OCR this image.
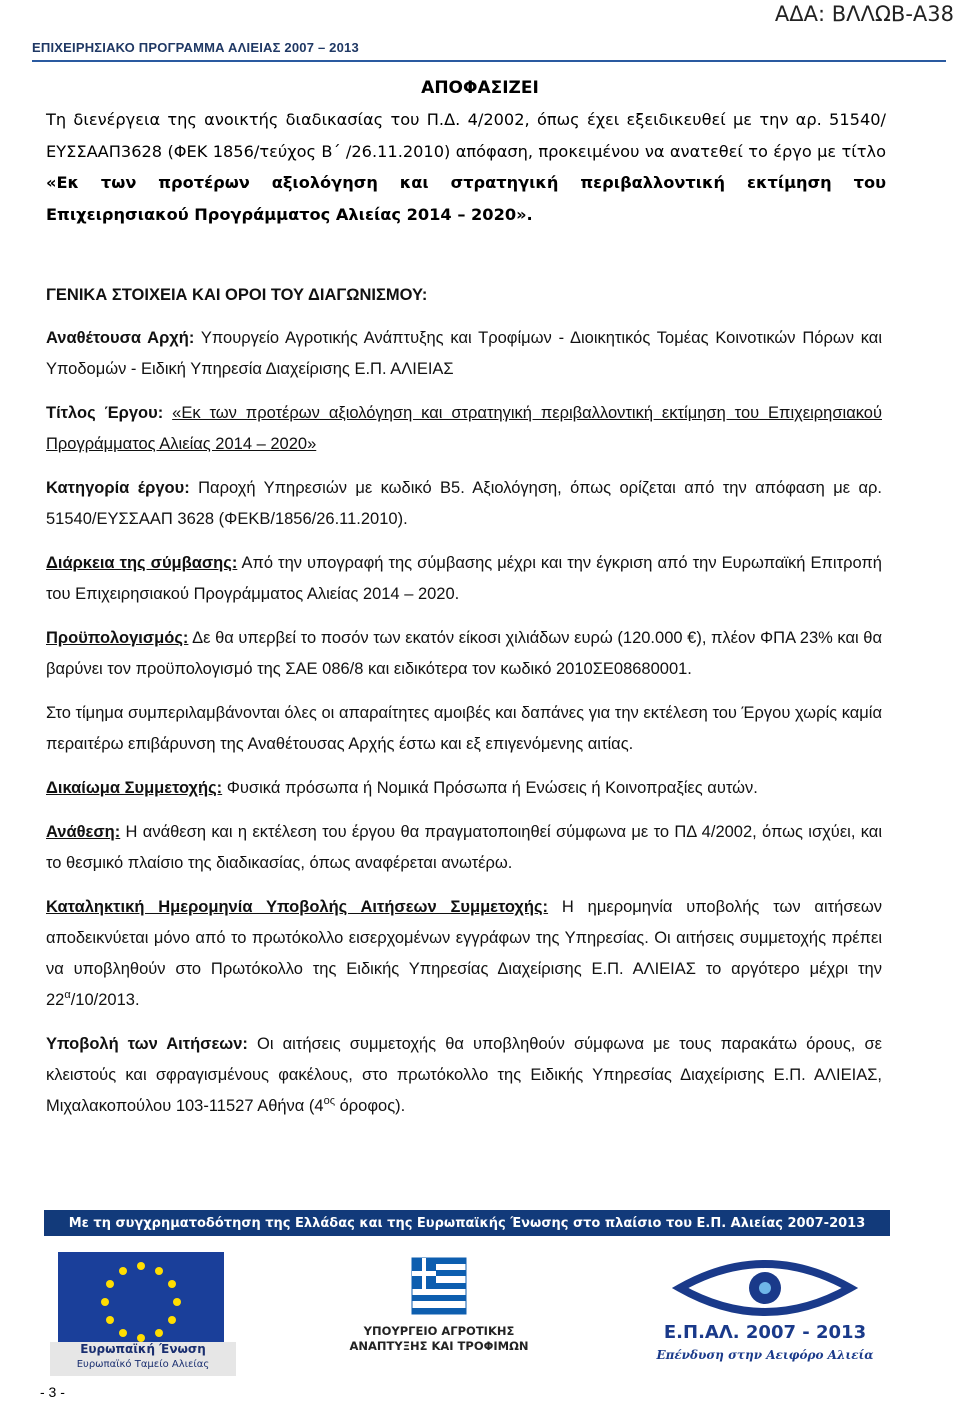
ΑΔΑ: ΒΛΛΩΒ-Α38
ΕΠΙΧΕΙΡΗΣΙΑΚΟ ΠΡΟΓΡΑΜΜΑ ΑΛΙΕΙΑΣ 2007 – 2013
ΑΠΟΦΑΣΙΖΕΙ
Τη διενέργεια της ανοικτής διαδικασίας του Π.Δ. 4/2002, όπως έχει εξειδικευθεί με την αρ. 51540/ΕΥΣΣΑΑΠ3628 (ΦΕΚ 1856/τεύχος Β΄ /26.11.2010) απόφαση, προκειμένου να ανατεθεί το έργο με τίτλο «Εκ των προτέρων αξιολόγηση και στρατηγική περιβαλλοντική εκτίμηση του Επιχειρησιακού Προγράμματος Αλιείας 2014 – 2020».

ΓΕΝΙΚΑ ΣΤΟΙΧΕΙΑ ΚΑΙ ΟΡΟΙ ΤΟΥ ΔΙΑΓΩΝΙΣΜΟΥ:

Αναθέτουσα Αρχή: Υπουργείο Αγροτικής Ανάπτυξης και Τροφίμων - Διοικητικός Τομέας Κοινοτικών Πόρων και Υποδομών - Ειδική Υπηρεσία Διαχείρισης Ε.Π. ΑΛΙΕΙΑΣ

Τίτλος Έργου: «Εκ των προτέρων αξιολόγηση και στρατηγική περιβαλλοντική εκτίμηση του Επιχειρησιακού Προγράμματος Αλιείας 2014 – 2020»

Κατηγορία έργου: Παροχή Υπηρεσιών με κωδικό Β5. Αξιολόγηση, όπως ορίζεται από την απόφαση με αρ. 51540/ΕΥΣΣΑΑΠ 3628 (ΦΕΚΒ/1856/26.11.2010).

Διάρκεια της σύμβασης: Από την υπογραφή της σύμβασης μέχρι και την έγκριση από την Ευρωπαϊκή Επιτροπή του Επιχειρησιακού Προγράμματος Αλιείας 2014 – 2020.

Προϋπολογισμός: Δε θα υπερβεί το ποσόν των εκατόν είκοσι χιλιάδων ευρώ (120.000 €), πλέον ΦΠΑ 23% και θα βαρύνει τον προϋπολογισμό της ΣΑΕ 086/8 και ειδικότερα τον κωδικό 2010ΣΕ08680001.

Στο τίμημα συμπεριλαμβάνονται όλες οι απαραίτητες αμοιβές και δαπάνες για την εκτέλεση του Έργου χωρίς καμία περαιτέρω επιβάρυνση της Αναθέτουσας Αρχής έστω και εξ επιγενόμενης αιτίας.

Δικαίωμα Συμμετοχής: Φυσικά πρόσωπα ή Νομικά Πρόσωπα ή Ενώσεις ή Κοινοπραξίες αυτών.

Ανάθεση: Η ανάθεση και η εκτέλεση του έργου θα πραγματοποιηθεί σύμφωνα με το ΠΔ 4/2002, όπως ισχύει, και το θεσμικό πλαίσιο της διαδικασίας, όπως αναφέρεται ανωτέρω.

Καταληκτική Ημερομηνία Υποβολής Αιτήσεων Συμμετοχής: Η ημερομηνία υποβολής των αιτήσεων αποδεικνύεται μόνο από το πρωτόκολλο εισερχομένων εγγράφων της Υπηρεσίας. Οι αιτήσεις συμμετοχής πρέπει να υποβληθούν στο Πρωτόκολλο της Ειδικής Υπηρεσίας Διαχείρισης Ε.Π. ΑΛΙΕΙΑΣ το αργότερο μέχρι την $22^\alpha/10/2013$.

Υποβολή των Αιτήσεων: Οι αιτήσεις συμμετοχής θα υποβληθούν σύμφωνα με τους παρακάτω όρους, σε κλειστούς και σφραγισμένους φακέλους, στο πρωτόκολλο της Ειδικής Υπηρεσίας Διαχείρισης Ε.Π. ΑΛΙΕΙΑΣ, Μιχαλακοπούλου 103-11527 Αθήνα ($4^{o\varsigma}$ όροφος).

Με τη συγχρηματοδότηση της Ελλάδας και της Ευρωπαϊκής Ένωσης στο πλαίσιο του Ε.Π. Αλιείας 2007-2013
Ευρωπαϊκή Ένωση
Ευρωπαϊκό Ταμείο Αλιείας
ΥΠΟΥΡΓΕΙΟ ΑΓΡΟΤΙΚΗΣ ΑΝΑΠΤΥΞΗΣ ΚΑΙ ΤΡΟΦΙΜΩΝ
Ε.Π.ΑΛ. 2007 - 2013
Επένδυση στην Αειφόρο Αλιεία
- 3 -
